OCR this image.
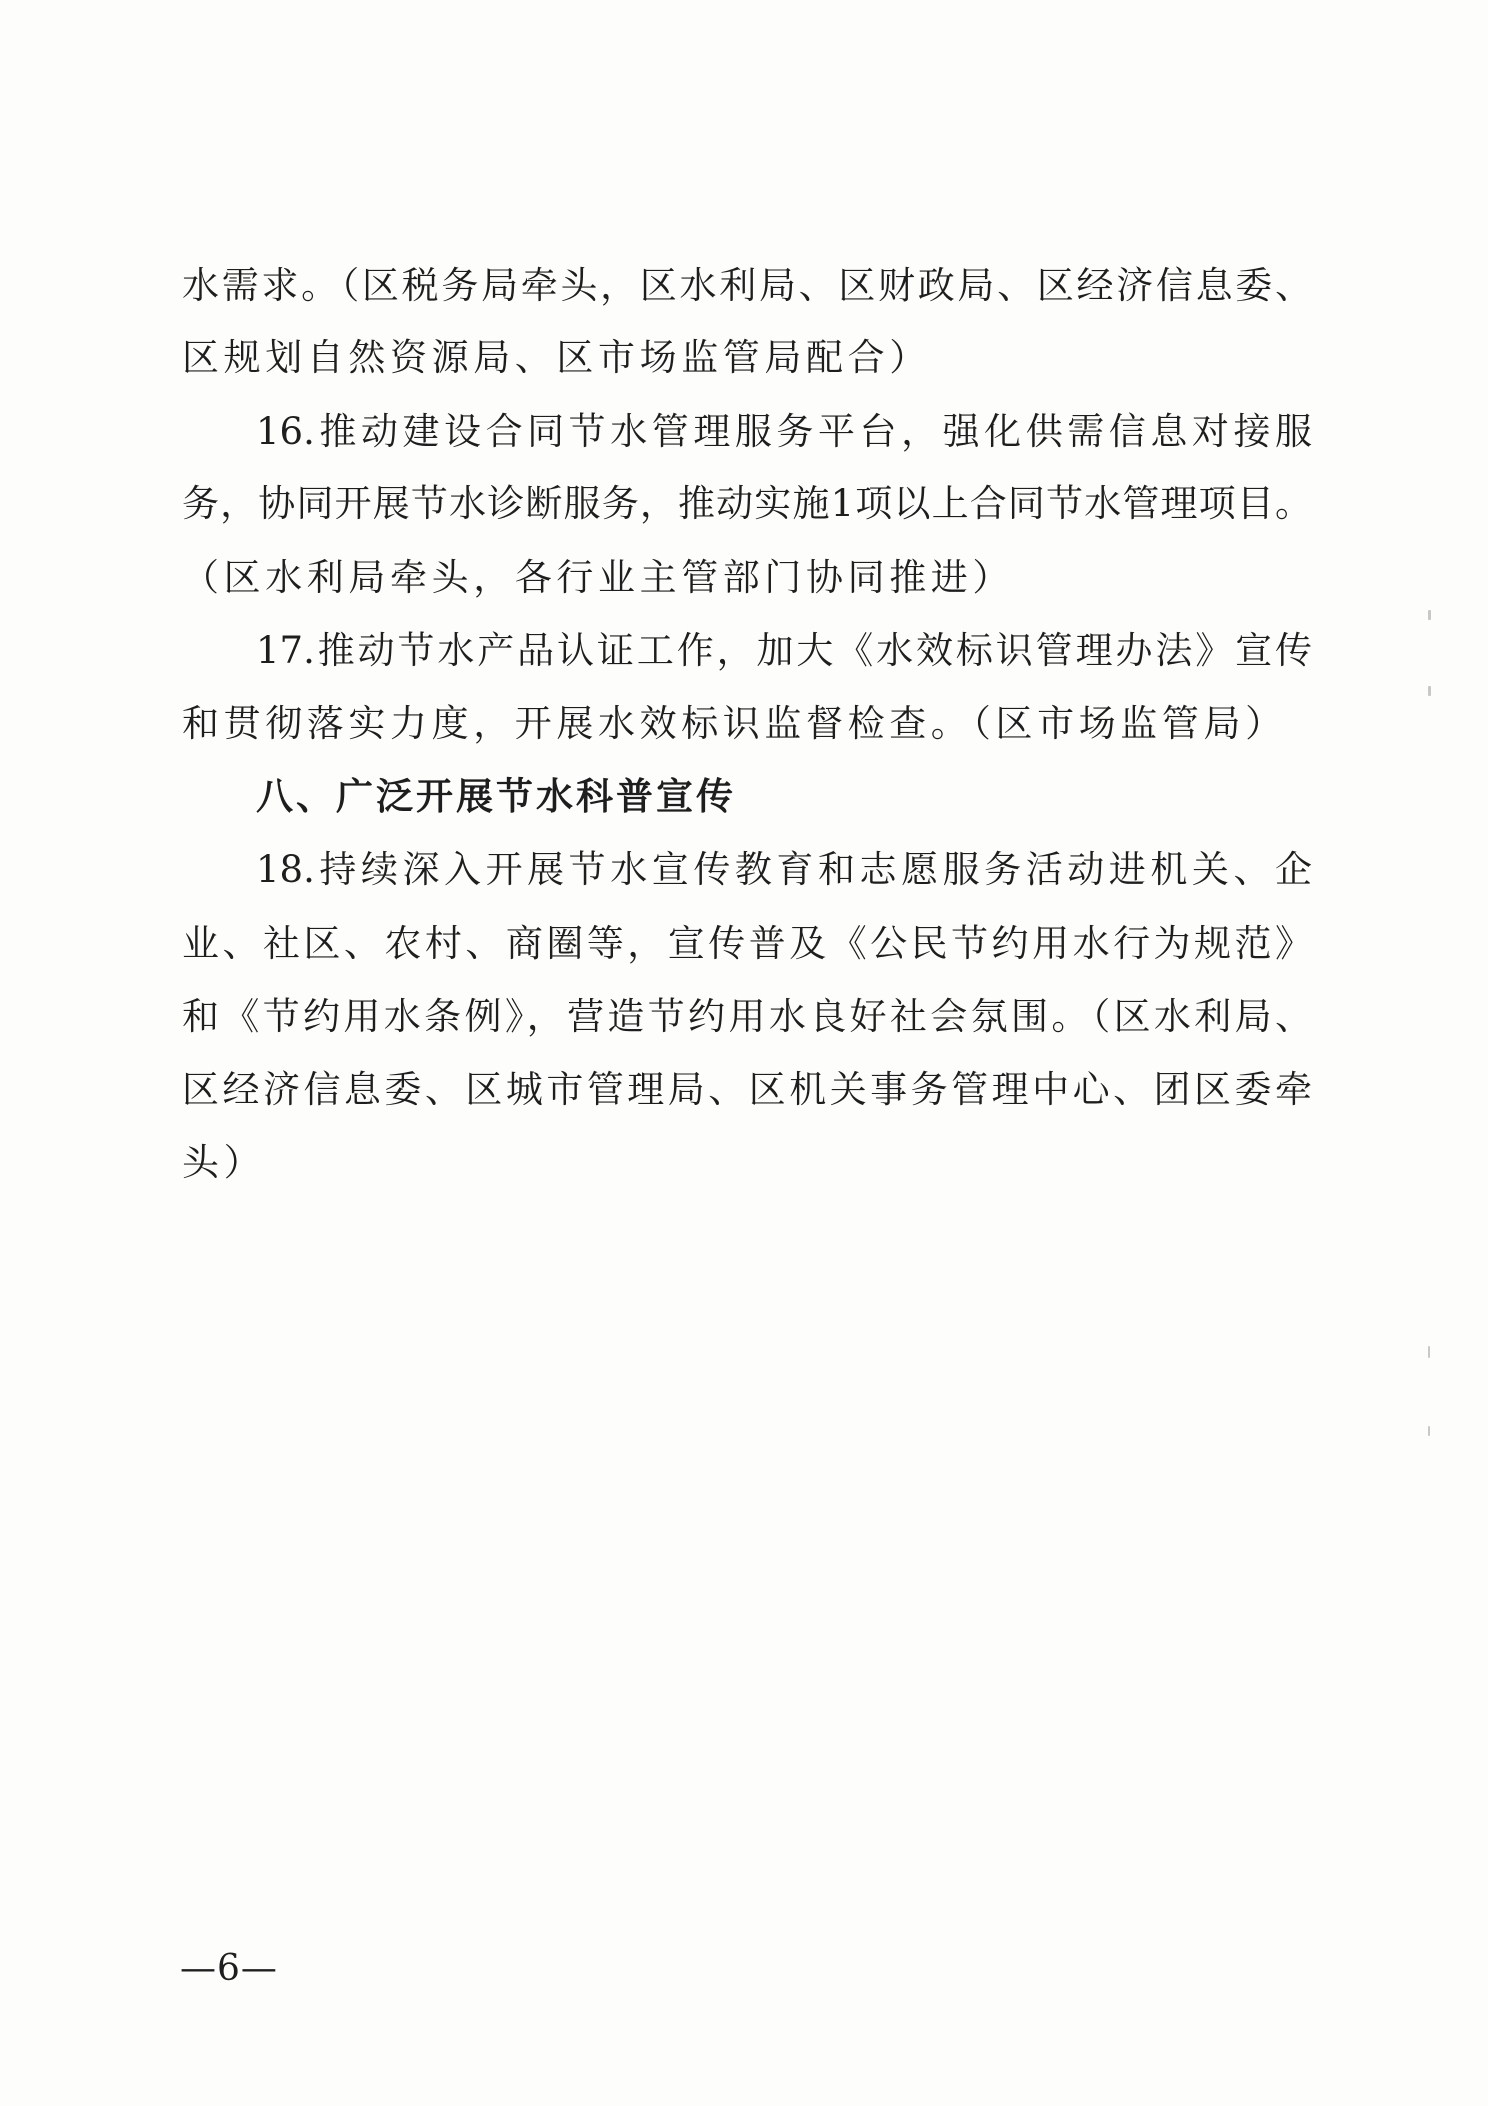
水需求。（区税务局牵头，区水利局、区财政局、区经济信息委、

区规划自然资源局、区市场监管局配合）

16.推动建设合同节水管理服务平台，强化供需信息对接服

务，协同开展节水诊断服务，推动实施1项以上合同节水管理项目。

（区水利局牵头，各行业主管部门协同推进）

17.推动节水产品认证工作，加大《水效标识管理办法》宣传

和贯彻落实力度，开展水效标识监督检查。（区市场监管局）

八、广泛开展节水科普宣传

18.持续深入开展节水宣传教育和志愿服务活动进机关、企

业、社区、农村、商圈等，宣传普及《公民节约用水行为规范》

和《节约用水条例》，营造节约用水良好社会氛围。（区水利局、

区经济信息委、区城市管理局、区机关事务管理中心、团区委牵

头）

—6—
